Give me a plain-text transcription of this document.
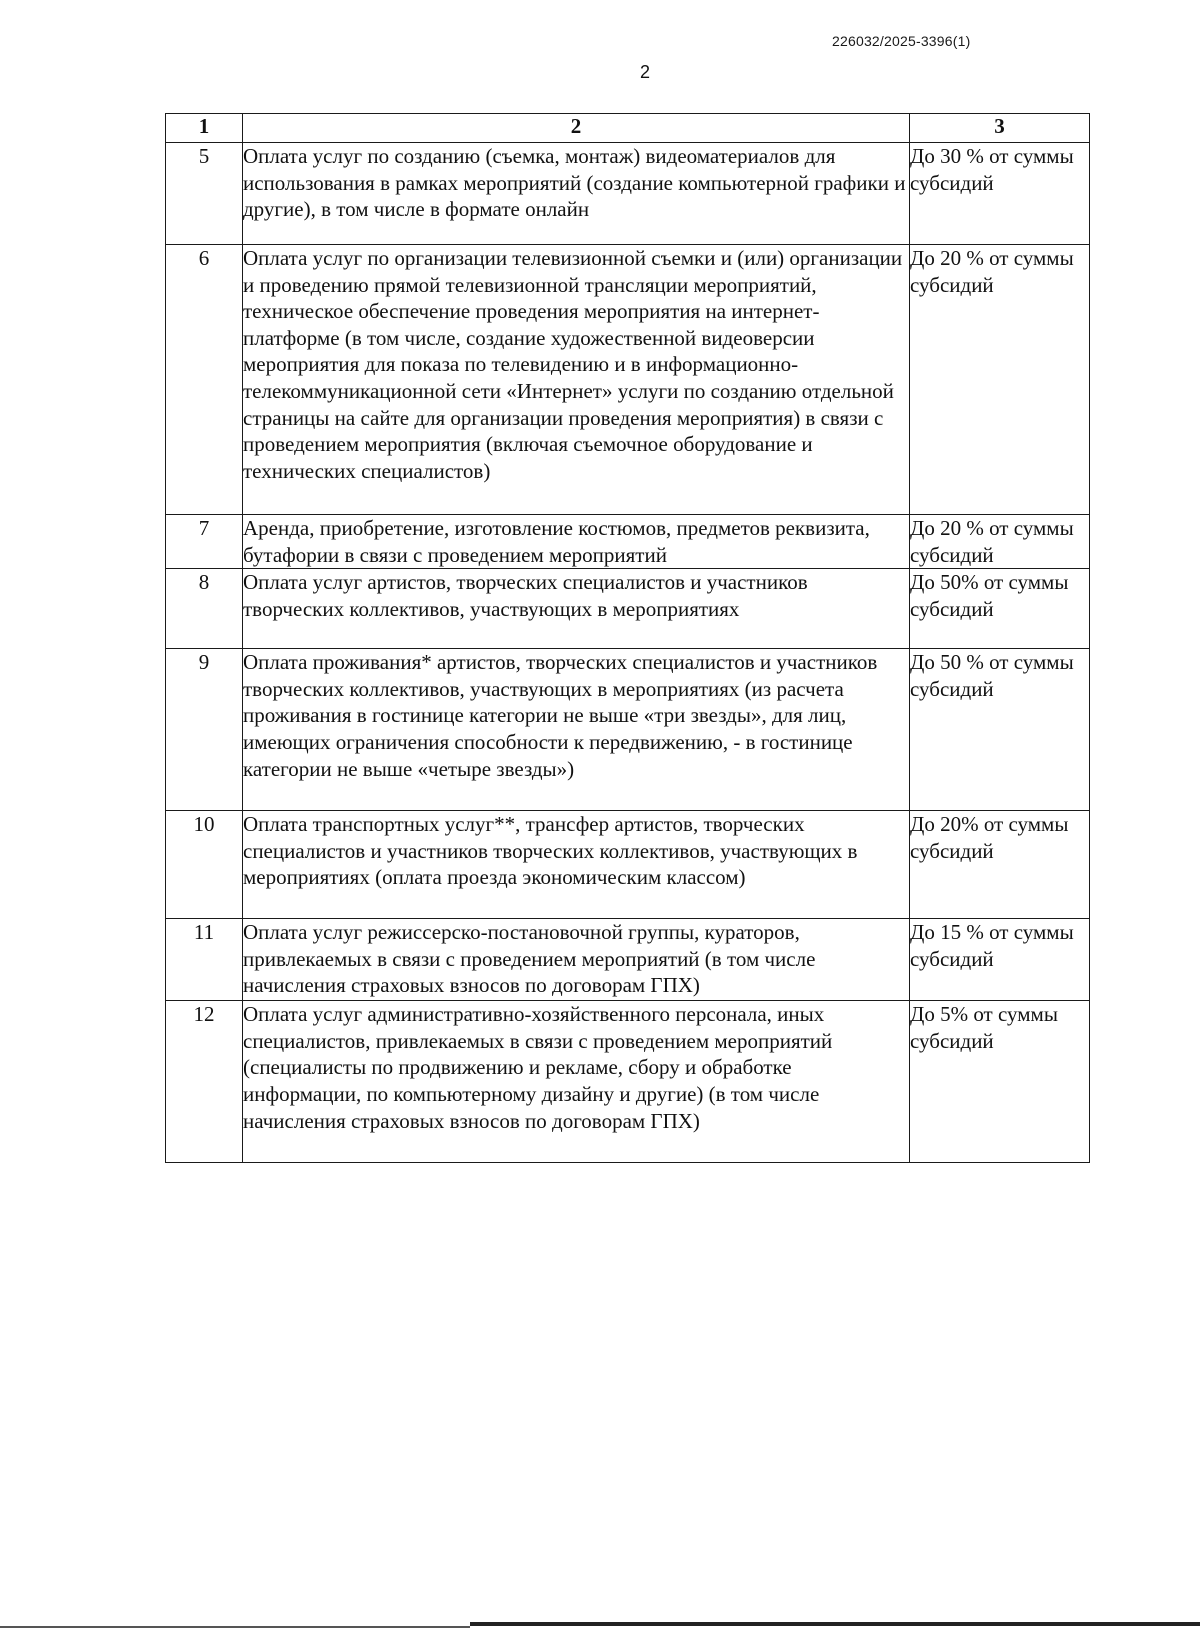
226032/2025-3396(1)
2
1	2	3
5	Оплата услуг по созданию (съемка, монтаж) видеоматериалов для использования в рамках мероприятий (создание компьютерной графики и другие), в том числе в формате онлайн	До 30 % от суммы субсидий
6	Оплата услуг по организации телевизионной съемки и (или) организации и проведению прямой телевизионной трансляции мероприятий, техническое обеспечение проведения мероприятия на интернет-платформе (в том числе, создание художественной видеоверсии мероприятия для показа по телевидению и в информационно-телекоммуникационной сети «Интернет» услуги по созданию отдельной страницы на сайте для организации проведения мероприятия) в связи с проведением мероприятия (включая съемочное оборудование и технических специалистов)	До 20 % от суммы субсидий
7	Аренда, приобретение, изготовление костюмов, предметов реквизита, бутафории в связи с проведением мероприятий	До 20 % от суммы субсидий
8	Оплата услуг артистов, творческих специалистов и участников творческих коллективов, участвующих в мероприятиях	До 50% от суммы субсидий
9	Оплата проживания* артистов, творческих специалистов и участников творческих коллективов, участвующих в мероприятиях (из расчета проживания в гостинице категории не выше «три звезды», для лиц, имеющих ограничения способности к передвижению, - в гостинице категории не выше «четыре звезды»)	До 50 % от суммы субсидий
10	Оплата транспортных услуг**, трансфер артистов, творческих специалистов и участников творческих коллективов, участвующих в мероприятиях (оплата проезда экономическим классом)	До 20% от суммы субсидий
11	Оплата услуг режиссерско-постановочной группы, кураторов, привлекаемых в связи с проведением мероприятий (в том числе начисления страховых взносов по договорам ГПХ)	До 15 % от суммы субсидий
12	Оплата услуг административно-хозяйственного персонала, иных специалистов, привлекаемых в связи с проведением мероприятий (специалисты по продвижению и рекламе, сбору и обработке информации, по компьютерному дизайну и другие) (в том числе начисления страховых взносов по договорам ГПХ)	До 5% от суммы субсидий
